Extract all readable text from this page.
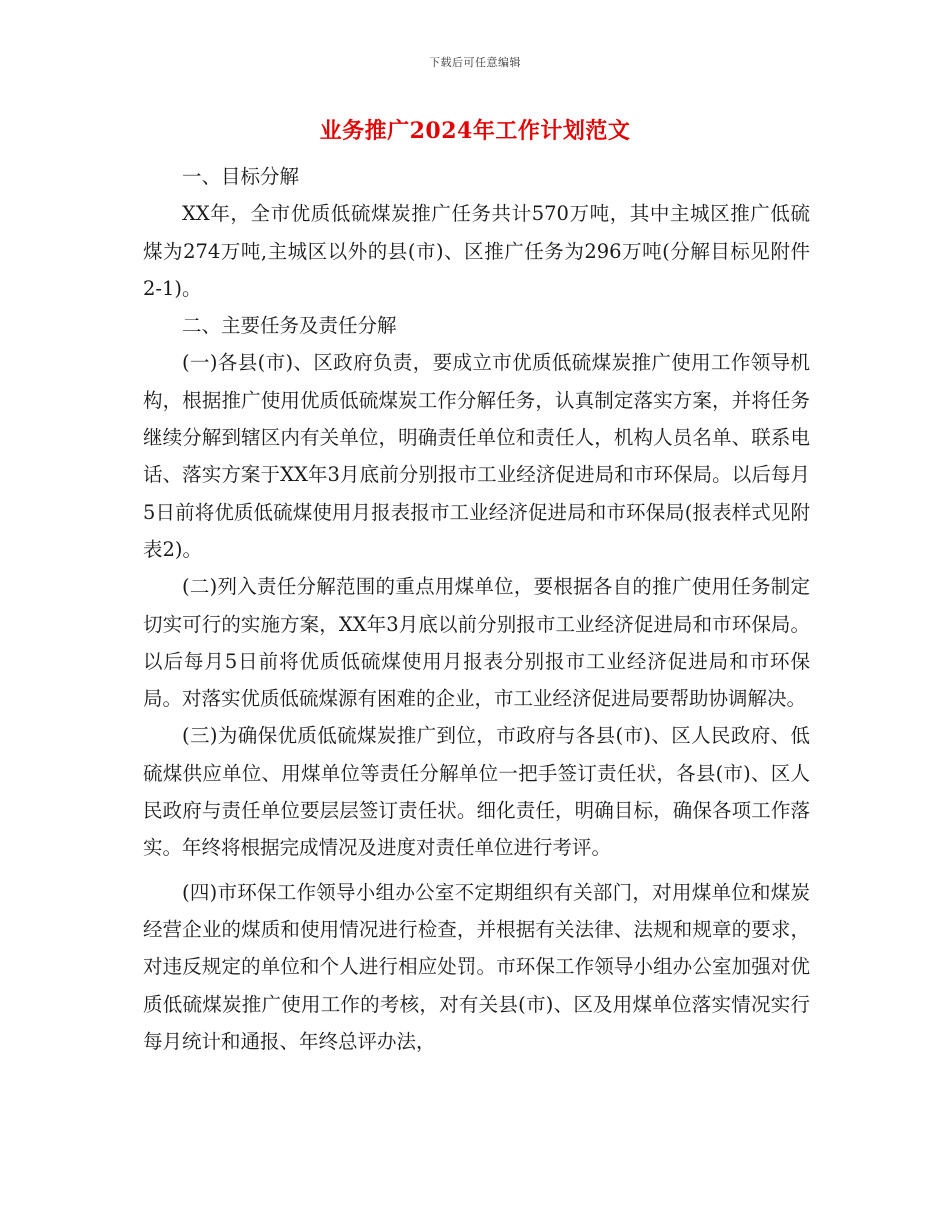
下载后可任意编辑
业务推广2024年工作计划范文

一、目标分解

XX年，全市优质低硫煤炭推广任务共计570万吨，其中主城区推广低硫煤为274万吨,主城区以外的县(市)、区推广任务为296万吨(分解目标见附件2-1)。

二、主要任务及责任分解

(一)各县(市)、区政府负责，要成立市优质低硫煤炭推广使用工作领导机构，根据推广使用优质低硫煤炭工作分解任务，认真制定落实方案，并将任务继续分解到辖区内有关单位，明确责任单位和责任人，机构人员名单、联系电话、落实方案于XX年3月底前分别报市工业经济促进局和市环保局。以后每月5日前将优质低硫煤使用月报表报市工业经济促进局和市环保局(报表样式见附表2)。

(二)列入责任分解范围的重点用煤单位，要根据各自的推广使用任务制定切实可行的实施方案，XX年3月底以前分别报市工业经济促进局和市环保局。以后每月5日前将优质低硫煤使用月报表分别报市工业经济促进局和市环保局。对落实优质低硫煤源有困难的企业，市工业经济促进局要帮助协调解决。

(三)为确保优质低硫煤炭推广到位，市政府与各县(市)、区人民政府、低硫煤供应单位、用煤单位等责任分解单位一把手签订责任状，各县(市)、区人民政府与责任单位要层层签订责任状。细化责任，明确目标，确保各项工作落实。年终将根据完成情况及进度对责任单位进行考评。

(四)市环保工作领导小组办公室不定期组织有关部门，对用煤单位和煤炭经营企业的煤质和使用情况进行检查，并根据有关法律、法规和规章的要求，对违反规定的单位和个人进行相应处罚。市环保工作领导小组办公室加强对优质低硫煤炭推广使用工作的考核，对有关县(市)、区及用煤单位落实情况实行每月统计和通报、年终总评办法，
